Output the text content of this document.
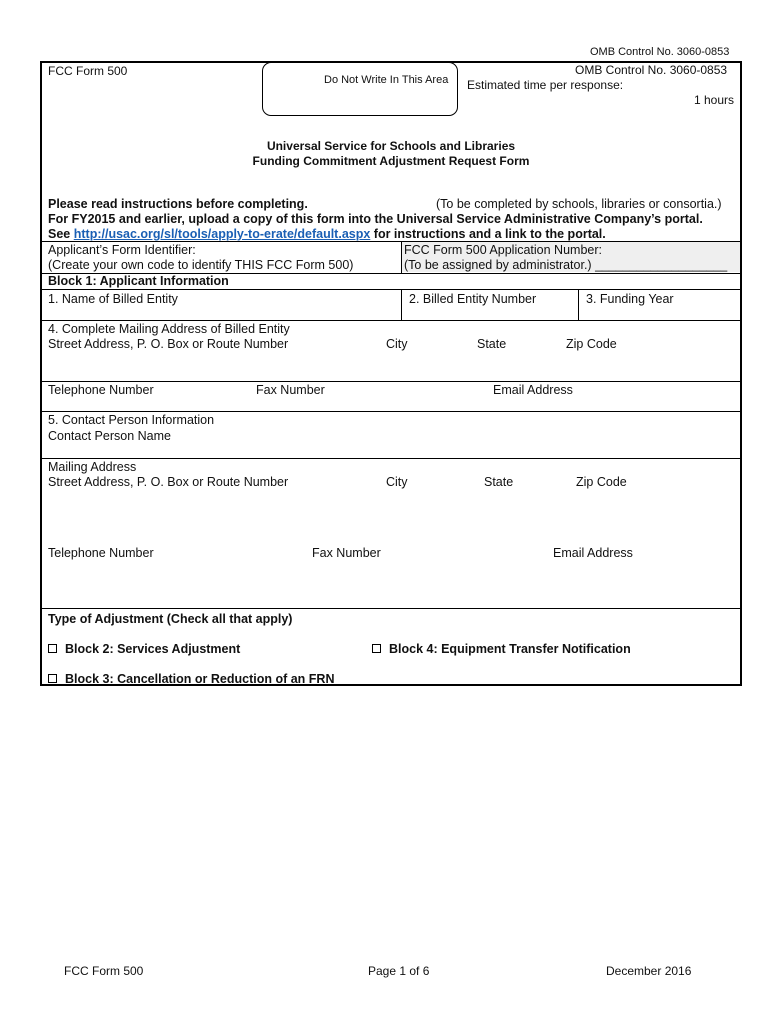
OMB Control No. 3060-0853
FCC Form 500
Do Not Write In This Area
OMB Control No. 3060-0853
Estimated time per response:
1 hours
Universal Service for Schools and Libraries
Funding Commitment Adjustment Request Form
Please read instructions before completing.	(To be completed by schools, libraries or consortia.)
For FY2015 and earlier, upload a copy of this form into the Universal Service Administrative Company’s portal.
See http://usac.org/sl/tools/apply-to-erate/default.aspx for instructions and a link to the portal.
Applicant’s Form Identifier:
(Create your own code to identify THIS FCC Form 500)
FCC Form 500 Application Number:
(To be assigned by administrator.) ___________________
Block 1: Applicant Information
1. Name of Billed Entity	2. Billed Entity Number	3. Funding Year
4. Complete Mailing Address of Billed Entity
Street Address, P. O. Box or Route Number	City	State	Zip Code
Telephone Number	Fax Number	Email Address
5. Contact Person Information
Contact Person Name
Mailing Address
Street Address, P. O. Box or Route Number	City	State	Zip Code
Telephone Number	Fax Number	Email Address
Type of Adjustment (Check all that apply)
Block 2: Services Adjustment	Block 4: Equipment Transfer Notification
Block 3: Cancellation or Reduction of an FRN
FCC Form 500	Page 1 of 6	December 2016
